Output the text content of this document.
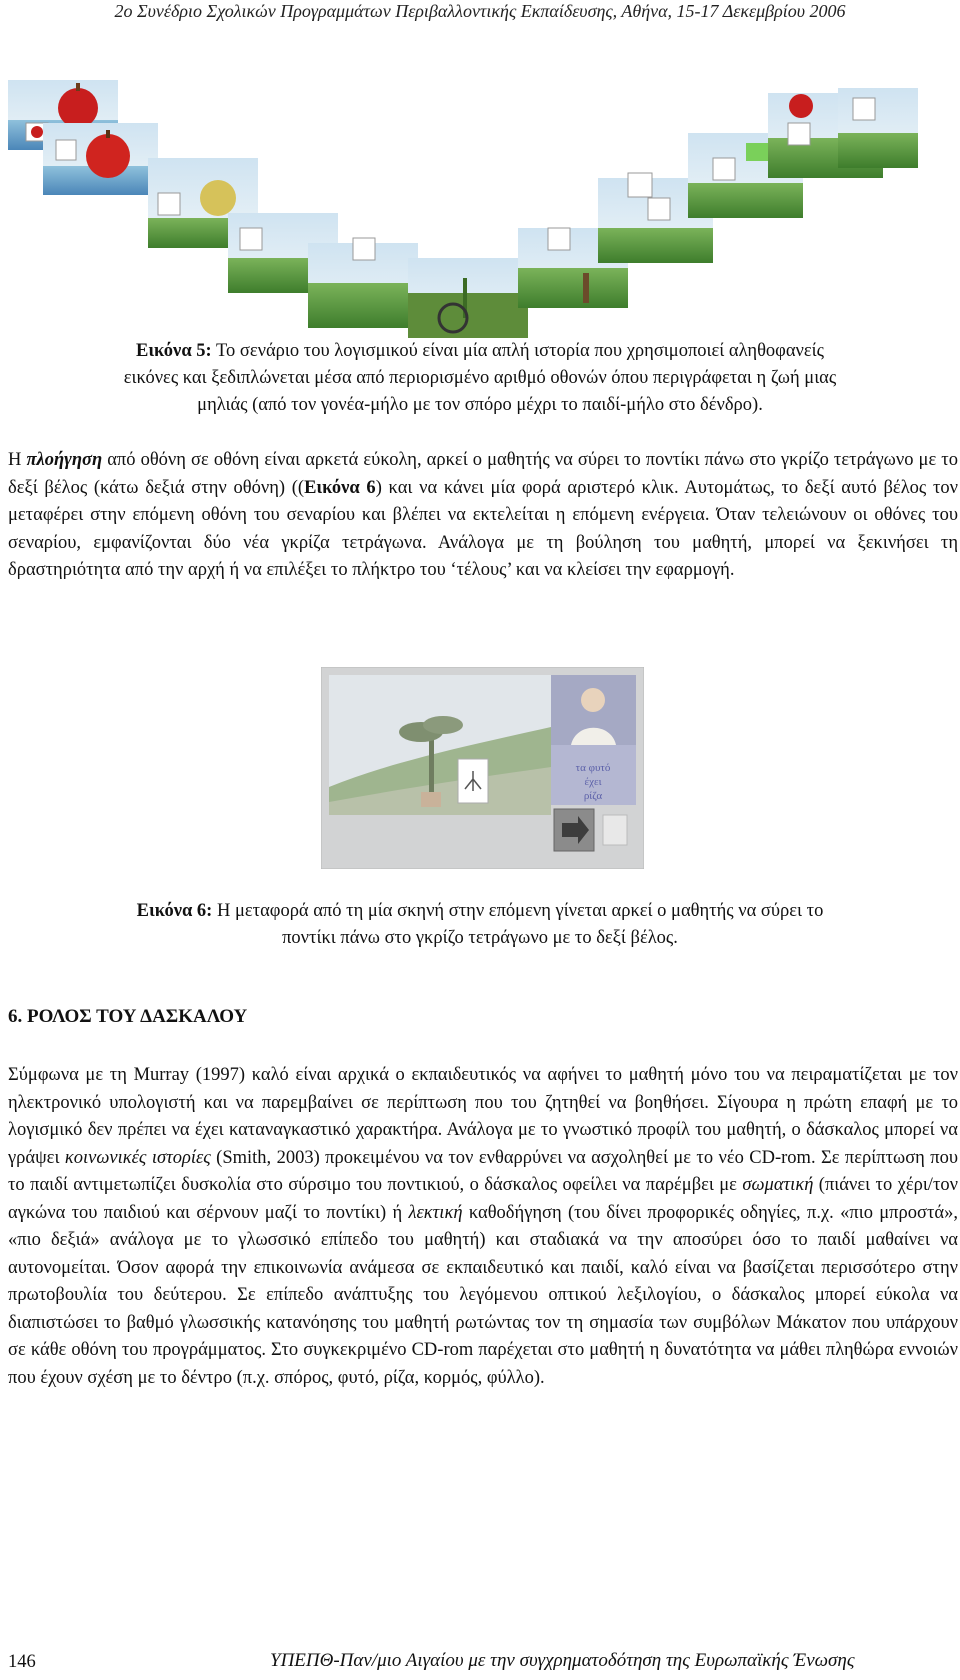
2ο Συνέδριο Σχολικών Προγραμμάτων Περιβαλλοντικής Εκπαίδευσης, Αθήνα, 15-17 Δεκεμβρίου 2006
Εικόνα 5: Το σενάριο του λογισμικού είναι μία απλή ιστορία που χρησιμοποιεί αληθοφανείς
εικόνες και ξεδιπλώνεται μέσα από περιορισμένο αριθμό οθονών όπου περιγράφεται η ζωή μιας
μηλιάς (από τον γονέα-μήλο με τον σπόρο μέχρι το παιδί-μήλο στο δένδρο).
Η πλοήγηση από οθόνη σε οθόνη είναι αρκετά εύκολη, αρκεί ο μαθητής να σύρει το ποντίκι πάνω στο γκρίζο τετράγωνο με το δεξί βέλος (κάτω δεξιά στην οθόνη) ((Εικόνα 6) και να κάνει μία φορά αριστερό κλικ. Αυτομάτως, το δεξί αυτό βέλος τον μεταφέρει στην επόμενη οθόνη του σεναρίου και βλέπει να εκτελείται η επόμενη ενέργεια. Όταν τελειώνουν οι οθόνες του σεναρίου, εμφανίζονται δύο νέα γκρίζα τετράγωνα. Ανάλογα με τη βούληση του μαθητή, μπορεί να ξεκινήσει τη δραστηριότητα από την αρχή ή να επιλέξει το πλήκτρο του ‘τέλους’ και να κλείσει την εφαρμογή.
τα φυτό
έχει
ρίζα
Εικόνα 6: Η μεταφορά από τη μία σκηνή στην επόμενη γίνεται αρκεί ο μαθητής να σύρει το
ποντίκι πάνω στο γκρίζο τετράγωνο με το δεξί βέλος.
6. ΡΟΛΟΣ ΤΟΥ ΔΑΣΚΑΛΟΥ
Σύμφωνα με τη Murray (1997) καλό είναι αρχικά ο εκπαιδευτικός να αφήνει το μαθητή μόνο του να πειραματίζεται με τον ηλεκτρονικό υπολογιστή και να παρεμβαίνει σε περίπτωση που του ζητηθεί να βοηθήσει. Σίγουρα η πρώτη επαφή με το λογισμικό δεν πρέπει να έχει καταναγκαστικό χαρακτήρα. Ανάλογα με το γνωστικό προφίλ του μαθητή, ο δάσκαλος μπορεί να γράψει κοινωνικές ιστορίες (Smith, 2003) προκειμένου να τον ενθαρρύνει να ασχοληθεί με το νέο CD-rom. Σε περίπτωση που το παιδί αντιμετωπίζει δυσκολία στο σύρσιμο του ποντικιού, ο δάσκαλος οφείλει να παρέμβει με σωματική (πιάνει το χέρι/τον αγκώνα του παιδιού και σέρνουν μαζί το ποντίκι) ή λεκτική καθοδήγηση (του δίνει προφορικές οδηγίες, π.χ. «πιο μπροστά», «πιο δεξιά» ανάλογα με το γλωσσικό επίπεδο του μαθητή) και σταδιακά να την αποσύρει όσο το παιδί μαθαίνει να αυτονομείται. Όσον αφορά την επικοινωνία ανάμεσα σε εκπαιδευτικό και παιδί, καλό είναι να βασίζεται περισσότερο στην πρωτοβουλία του δεύτερου. Σε επίπεδο ανάπτυξης του λεγόμενου οπτικού λεξιλογίου, ο δάσκαλος μπορεί εύκολα να διαπιστώσει το βαθμό γλωσσικής κατανόησης του μαθητή ρωτώντας τον τη σημασία των συμβόλων Μάκατον που υπάρχουν σε κάθε οθόνη του προγράμματος. Στο συγκεκριμένο CD-rom παρέχεται στο μαθητή η δυνατότητα να μάθει πληθώρα εννοιών που έχουν σχέση με το δέντρο (π.χ. σπόρος, φυτό, ρίζα, κορμός, φύλλο).
146	ΥΠΕΠΘ-Παν/μιο Αιγαίου με την συγχρηματοδότηση της Ευρωπαϊκής Ένωσης
